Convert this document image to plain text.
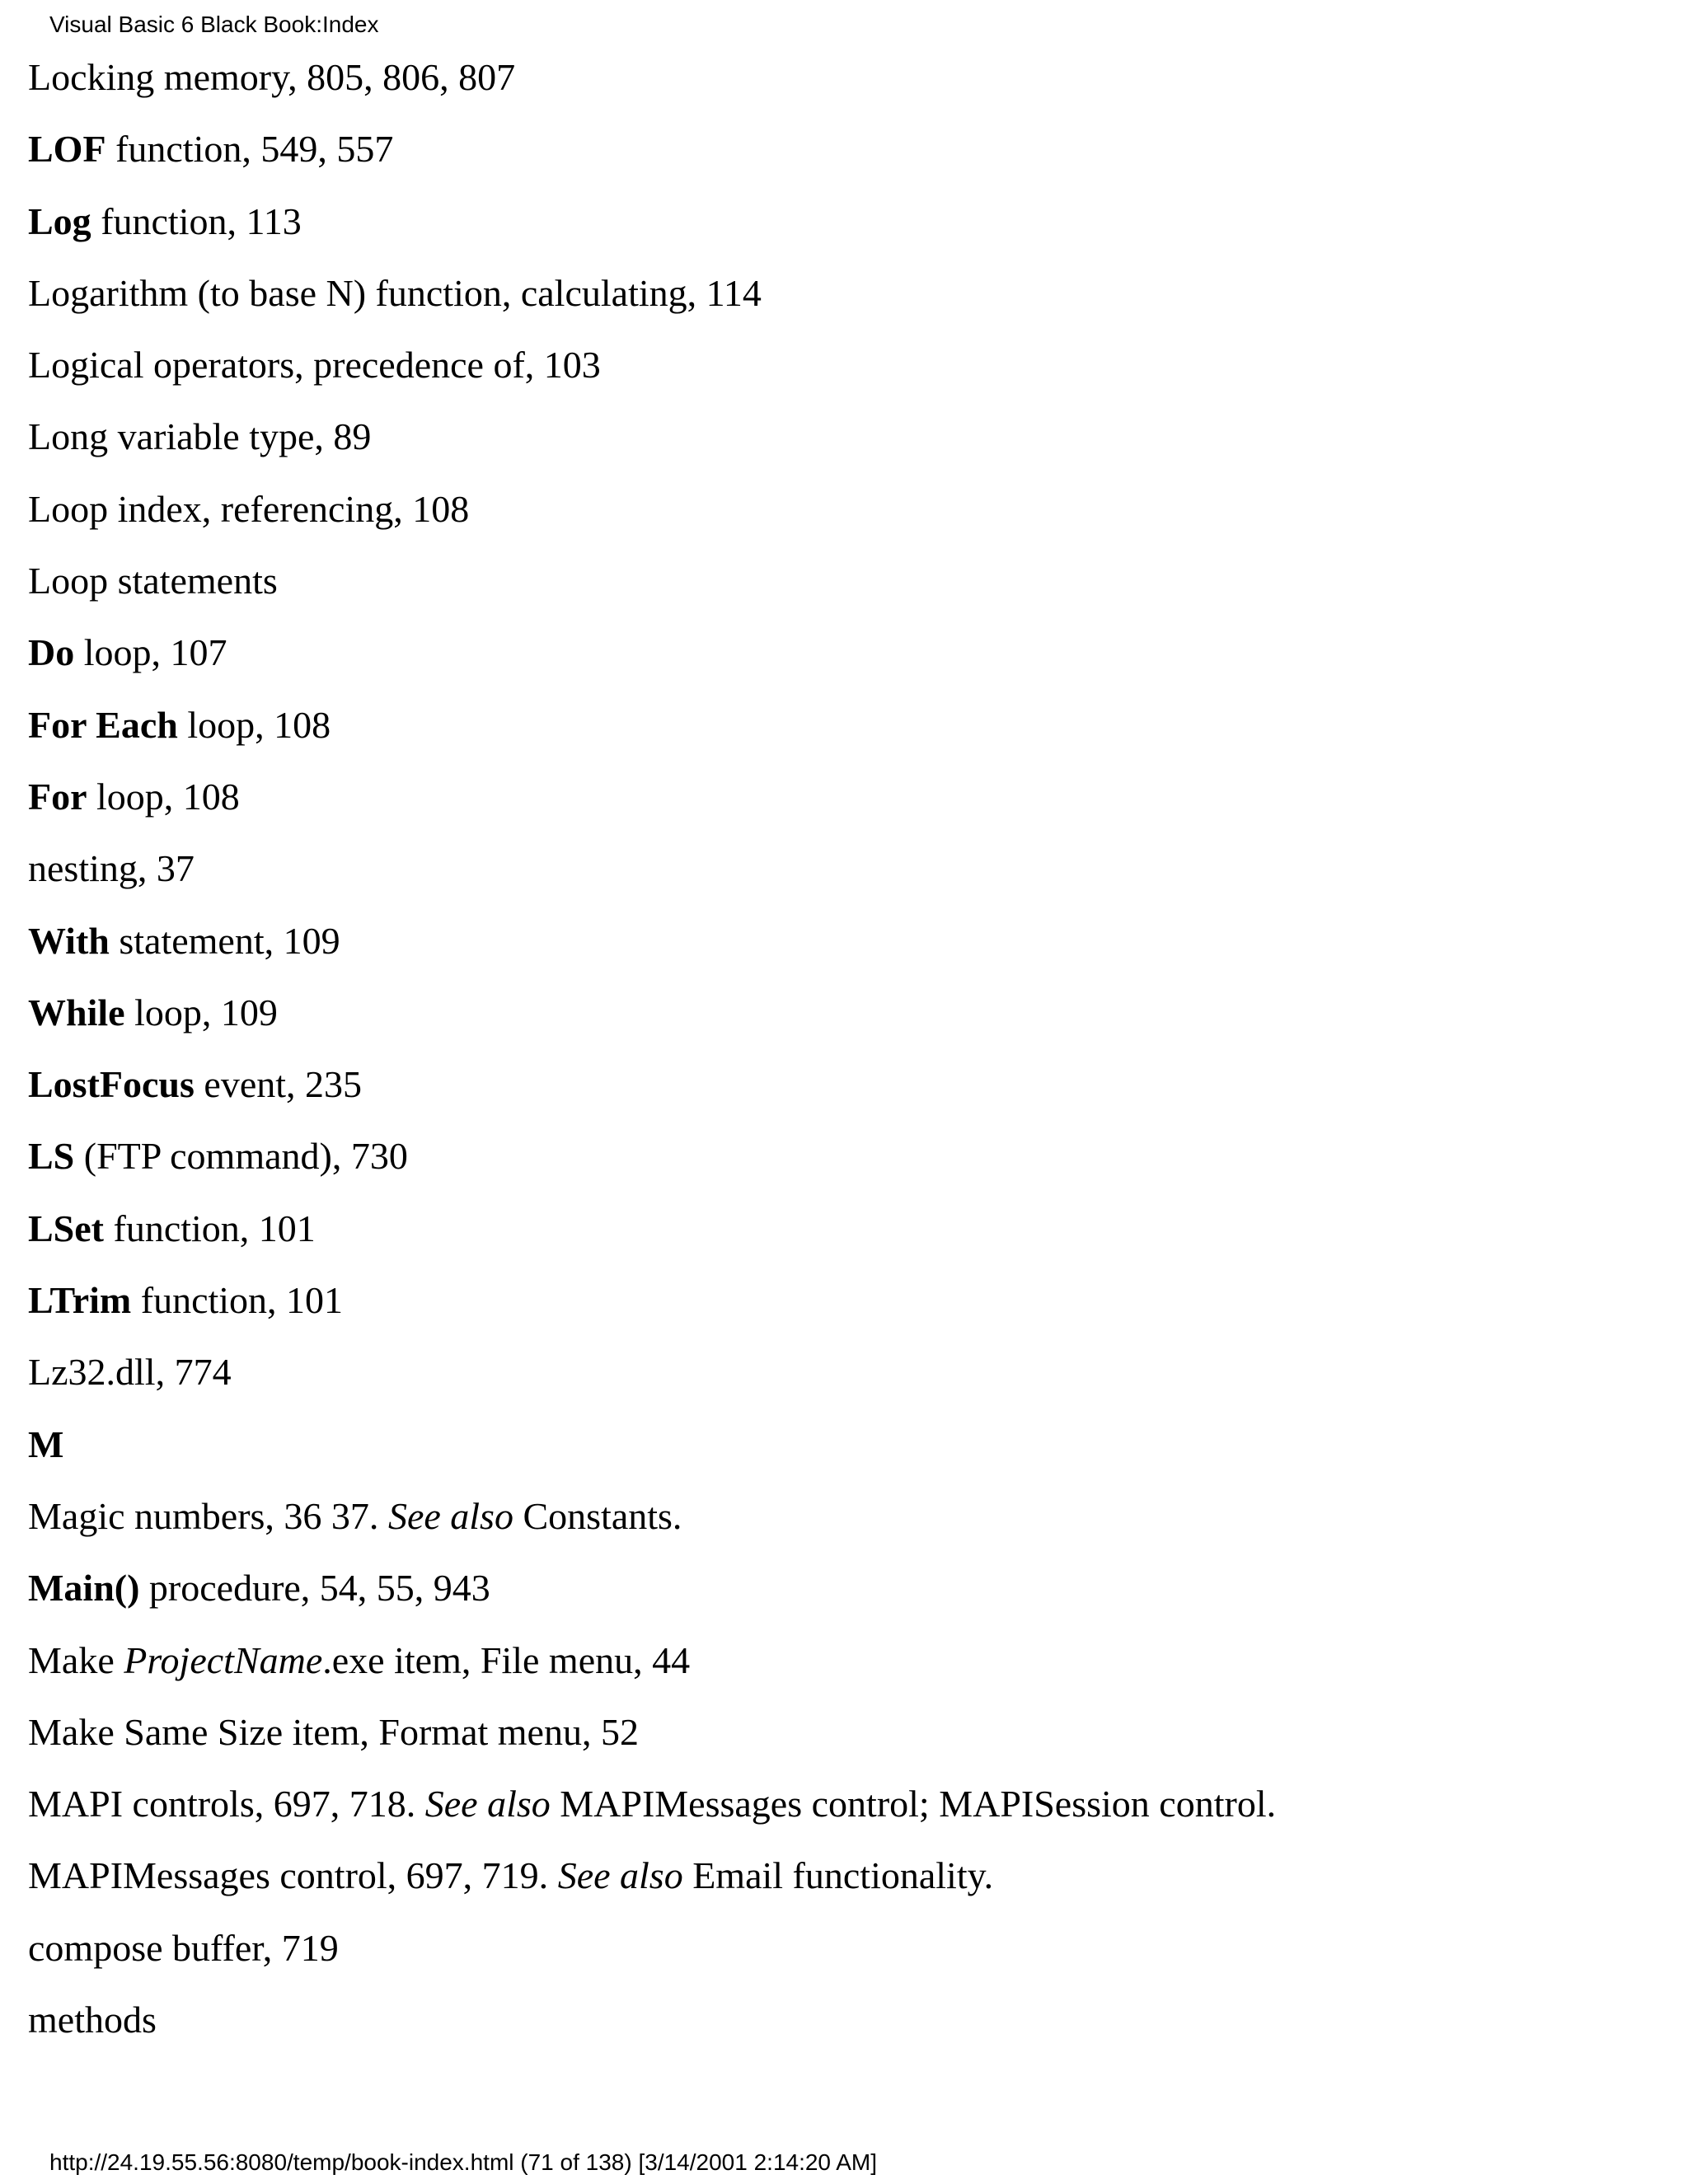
Visual Basic 6 Black Book:Index
Locking memory, 805, 806, 807
LOF function, 549, 557
Log function, 113
Logarithm (to base N) function, calculating, 114
Logical operators, precedence of, 103
Long variable type, 89
Loop index, referencing, 108
Loop statements
Do loop, 107
For Each loop, 108
For loop, 108
nesting, 37
With statement, 109
While loop, 109
LostFocus event, 235
LS (FTP command), 730
LSet function, 101
LTrim function, 101
Lz32.dll, 774
M
Magic numbers, 36 37. See also Constants.
Main() procedure, 54, 55, 943
Make ProjectName.exe item, File menu, 44
Make Same Size item, Format menu, 52
MAPI controls, 697, 718. See also MAPIMessages control; MAPISession control.
MAPIMessages control, 697, 719. See also Email functionality.
compose buffer, 719
methods
http://24.19.55.56:8080/temp/book-index.html (71 of 138) [3/14/2001 2:14:20 AM]
